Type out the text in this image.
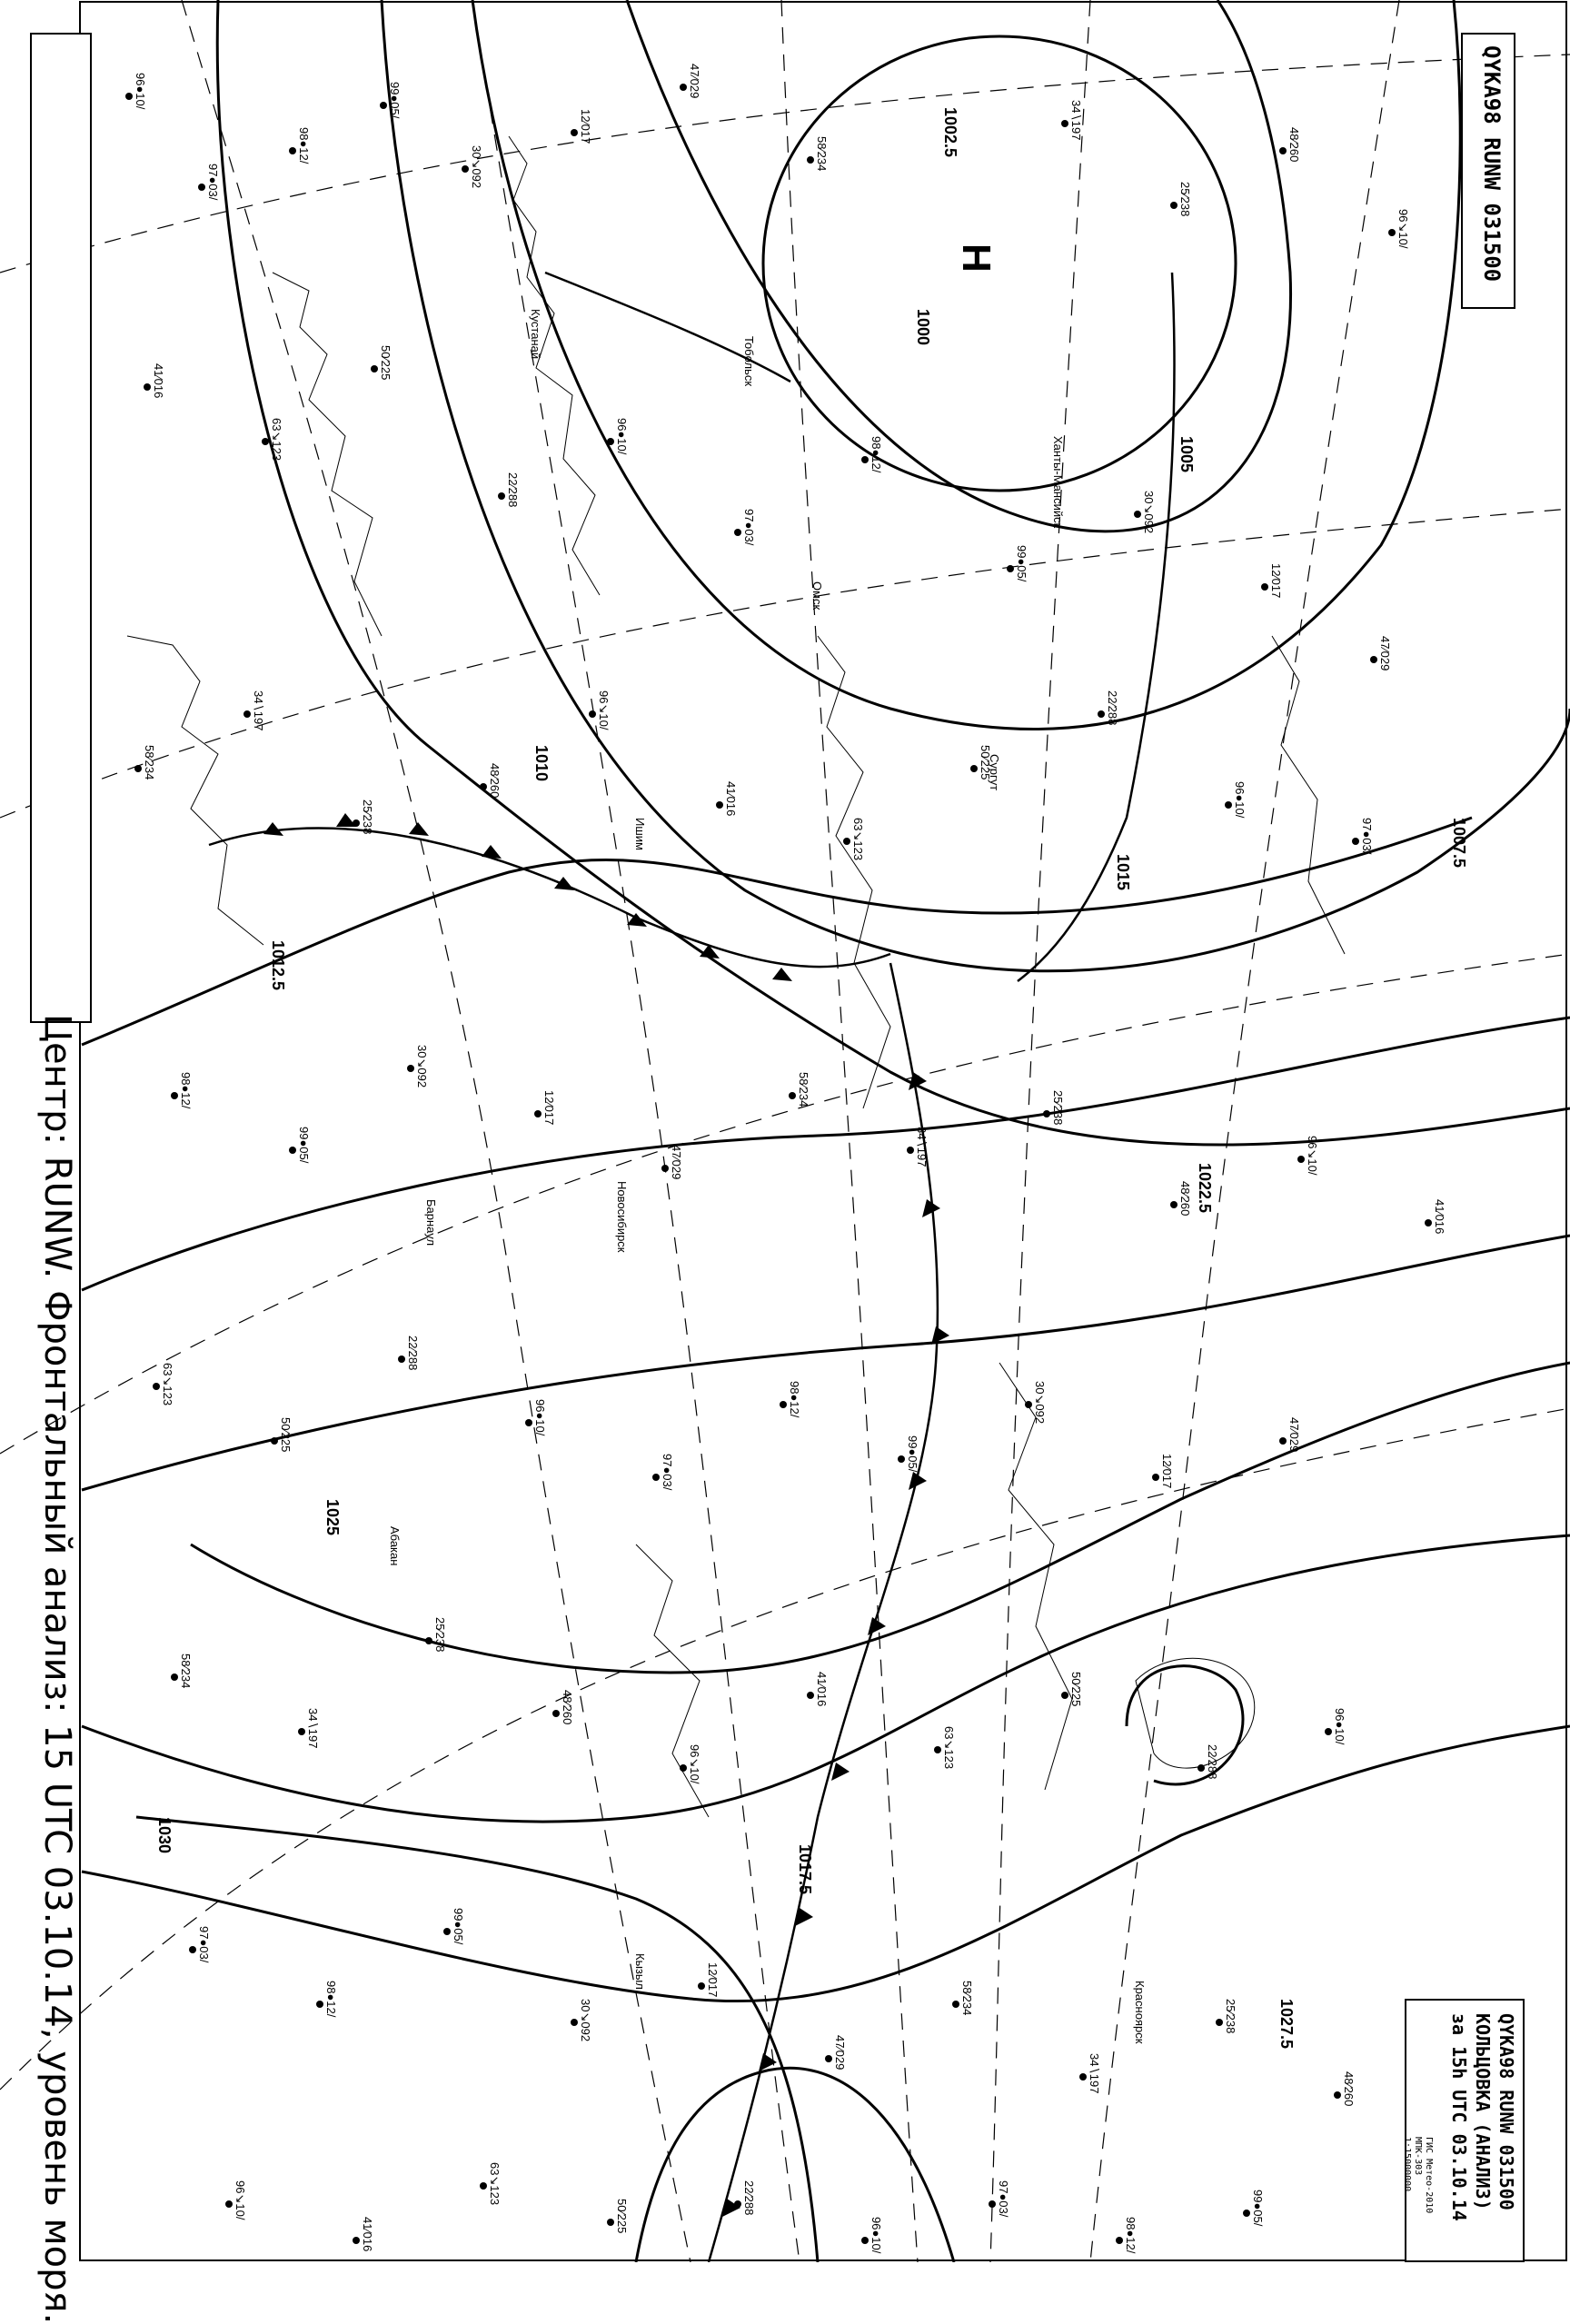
1002.5
1000
1005
1010
1012.5
1015
1022.5
1025
1030
1017.5
1027.5
1007.5
Н
Кустанай
Омск
Новосибирск
Барнаул
Ханты-Мансийск
Тобольск
Ишим
Сургут
Кызыл
Абакан
Красноярск
96●10/
97●03/
98●12/
99●05/
30↘092
12⁄017
47⁄029
58⁄234
34∖197
25∕238
48∕260
96↘10/
41⁄016
63↘123
50⁄225
22⁄288
96●10/
97●03/
98●12/
99●05/
30↘092
12⁄017
47⁄029
58⁄234
34∖197
25∕238
48∕260
96↘10/
41⁄016
63↘123
50⁄225
22⁄288
96●10/
97●03/
98●12/
99●05/
30↘092
12⁄017
47⁄029
58⁄234
34∖197
25∕238
48∕260
96↘10/
41⁄016
63↘123
50⁄225
22⁄288
96●10/
97●03/
98●12/
99●05/
30↘092
12⁄017
47⁄029
58⁄234
34∖197
25∕238
48∕260
96↘10/
41⁄016
63↘123
50⁄225
22⁄288
96●10/
97●03/
98●12/
99●05/
30↘092
12⁄017
47⁄029
58⁄234
34∖197
25∕238
48∕260
96↘10/
41⁄016
63↘123
50⁄225
22⁄288
96●10/
97●03/
98●12/
99●05/
Центр: RUNW. Фронтальный анализ: 15 UTC 03.10.14, уровень моря.
QYKA98 RUNW 031500
QYKA98 RUNW 031500
КОЛЬЦОВКА (АНАЛИЗ)
за 15h UTC 03.10.14
ГИС Метео-2010
МПК-303
1:15000000
